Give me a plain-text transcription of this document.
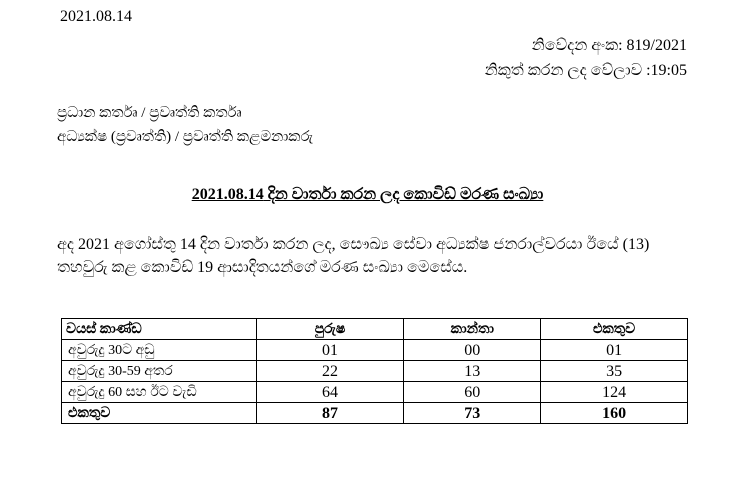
2021.08.14
නිවේදන අංක: 819/2021
නිකුත් කරන ලද වේලාව :19:05
ප්‍රධාන කර්තෘ / ප්‍රවෘත්ති කර්තෘ
අධ්‍යක්ෂ (ප්‍රවෘත්ති) / ප්‍රවෘත්ති කළමනාකරු
2021.08.14 දින වාර්තා කරන ලද කොවිඩ් මරණ සංඛ්‍යා
අද 2021 අගෝස්තු 14 දින වාර්තා කරන ලද, සෞඛ්‍ය සේවා අධ්‍යක්ෂ ජනරාල්වරයා ඊයේ (13) තහවුරු කළ කොවිඩ් 19 ආසාදිතයන්ගේ මරණ සංඛ්‍යා මෙසේය.
වයස් කාණ්ඩ	පුරුෂ	කාන්තා	එකතුව
අවුරුදු 30ට අඩු	01	00	01
අවුරුදු 30-59 අතර	22	13	35
අවුරුදු 60 සහ ඊට වැඩි	64	60	124
එකතුව	87	73	160
